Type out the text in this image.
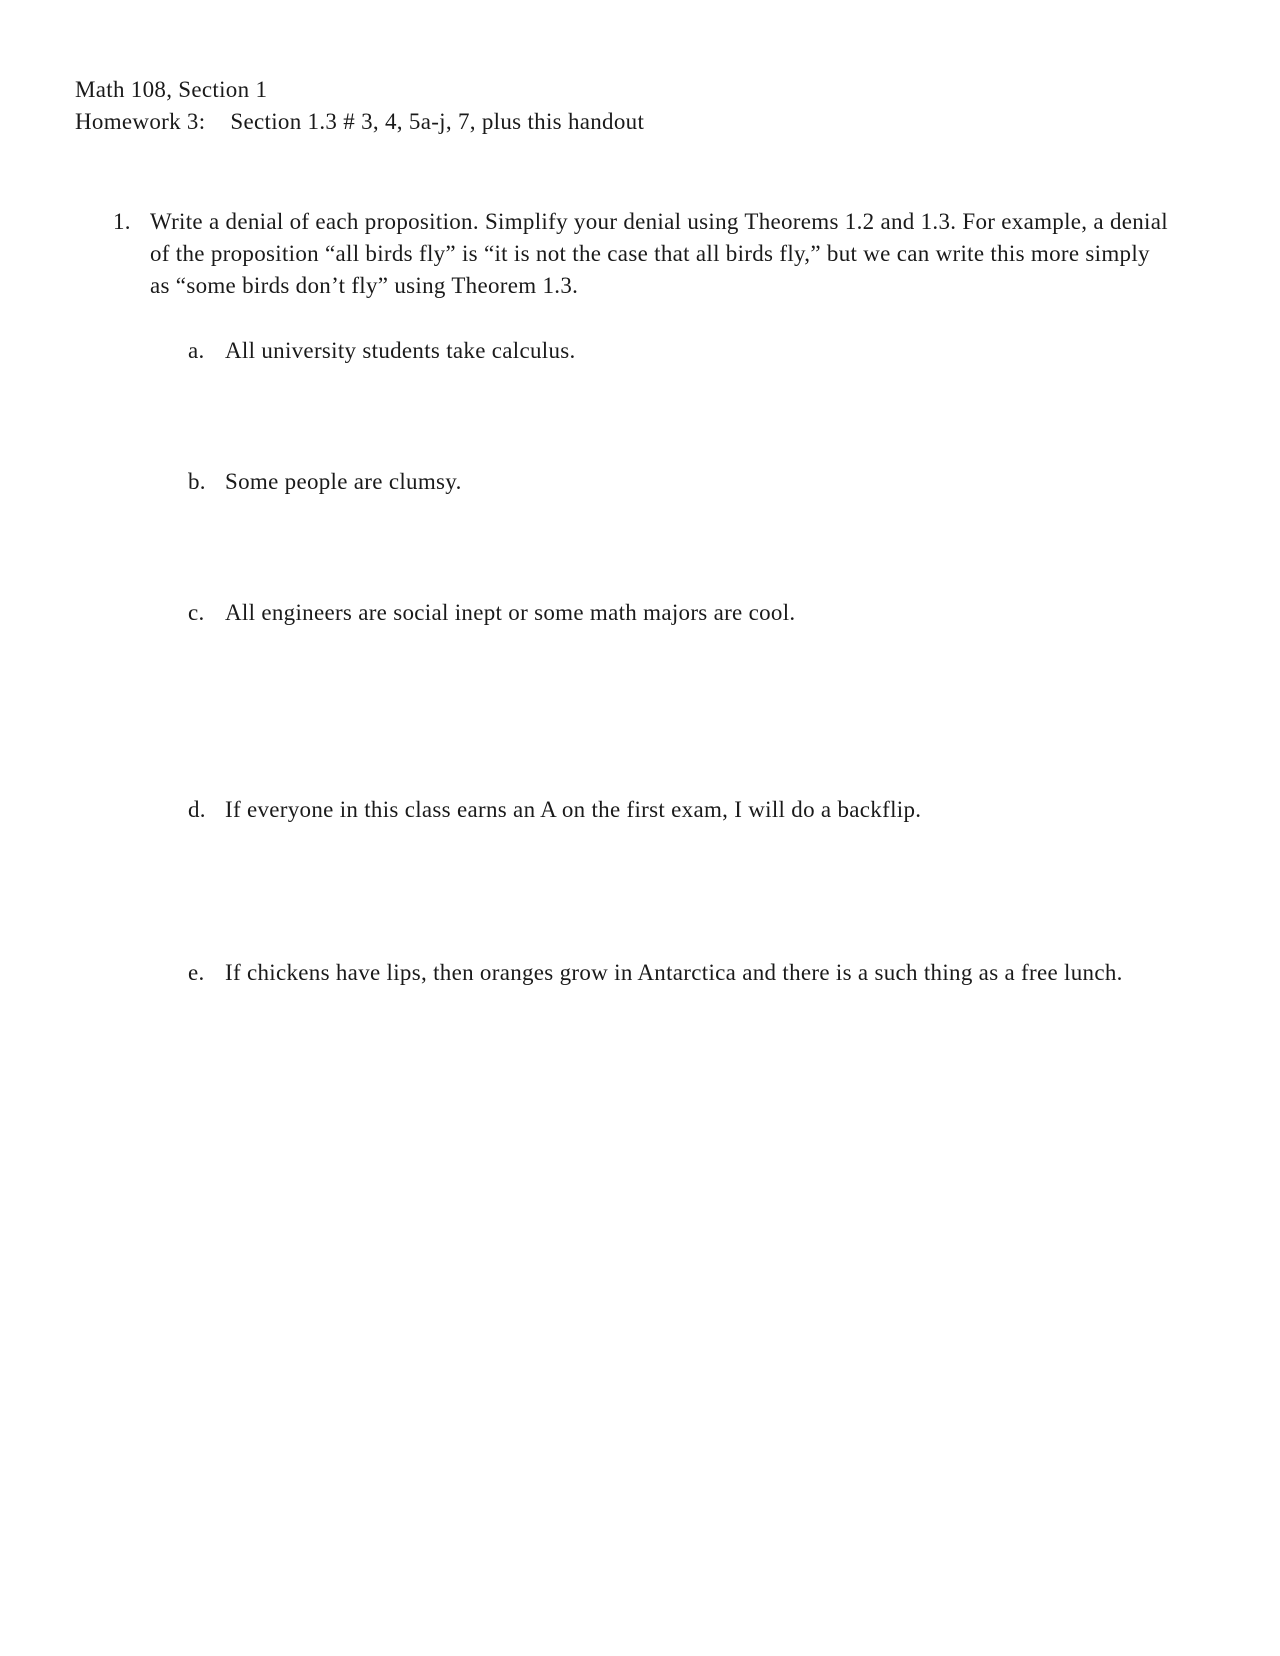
Math 108, Section 1
Homework 3: Section 1.3 # 3, 4, 5a-j, 7, plus this handout
1. Write a denial of each proposition. Simplify your denial using Theorems 1.2 and 1.3. For example, a denial of the proposition “all birds fly” is “it is not the case that all birds fly,” but we can write this more simply as “some birds don’t fly” using Theorem 1.3.
a. All university students take calculus.
b. Some people are clumsy.
c. All engineers are social inept or some math majors are cool.
d. If everyone in this class earns an A on the first exam, I will do a backflip.
e. If chickens have lips, then oranges grow in Antarctica and there is a such thing as a free lunch.
